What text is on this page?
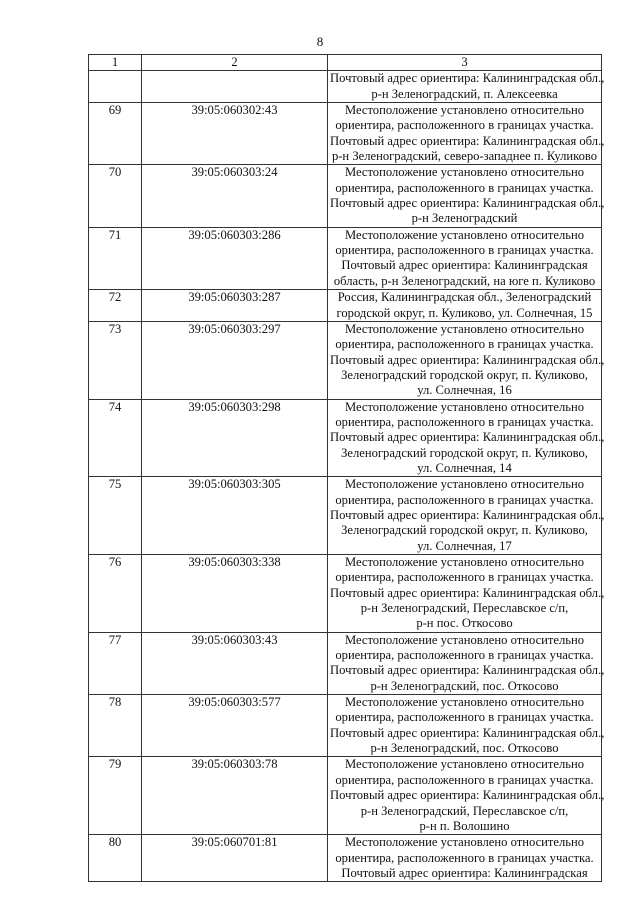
8
1	2	3

		Почтовый адрес ориентира: Калининградская обл.,
р-н Зеленоградский, п. Алексеевка

69	39:05:060302:43	Местоположение установлено относительно
ориентира, расположенного в границах участка.
Почтовый адрес ориентира: Калининградская обл.,
р-н Зеленоградский, северо-западнее п. Куликово

70	39:05:060303:24	Местоположение установлено относительно
ориентира, расположенного в границах участка.
Почтовый адрес ориентира: Калининградская обл.,
р-н Зеленоградский

71	39:05:060303:286	Местоположение установлено относительно
ориентира, расположенного в границах участка.
Почтовый адрес ориентира: Калининградская
область, р-н Зеленоградский, на юге п. Куликово

72	39:05:060303:287	Россия, Калининградская обл., Зеленоградский
городской округ, п. Куликово, ул. Солнечная, 15

73	39:05:060303:297	Местоположение установлено относительно
ориентира, расположенного в границах участка.
Почтовый адрес ориентира: Калининградская обл.,
Зеленоградский городской округ, п. Куликово,
ул. Солнечная, 16

74	39:05:060303:298	Местоположение установлено относительно
ориентира, расположенного в границах участка.
Почтовый адрес ориентира: Калининградская обл.,
Зеленоградский городской округ, п. Куликово,
ул. Солнечная, 14

75	39:05:060303:305	Местоположение установлено относительно
ориентира, расположенного в границах участка.
Почтовый адрес ориентира: Калининградская обл.,
Зеленоградский городской округ, п. Куликово,
ул. Солнечная, 17

76	39:05:060303:338	Местоположение установлено относительно
ориентира, расположенного в границах участка.
Почтовый адрес ориентира: Калининградская обл.,
р-н Зеленоградский, Переславское с/п,
р-н пос. Откосово

77	39:05:060303:43	Местоположение установлено относительно
ориентира, расположенного в границах участка.
Почтовый адрес ориентира: Калининградская обл.,
р-н Зеленоградский, пос. Откосово

78	39:05:060303:577	Местоположение установлено относительно
ориентира, расположенного в границах участка.
Почтовый адрес ориентира: Калининградская обл.,
р-н Зеленоградский, пос. Откосово

79	39:05:060303:78	Местоположение установлено относительно
ориентира, расположенного в границах участка.
Почтовый адрес ориентира: Калининградская обл.,
р-н Зеленоградский, Переславское с/п,
р-н п. Волошино

80	39:05:060701:81	Местоположение установлено относительно
ориентира, расположенного в границах участка.
Почтовый адрес ориентира: Калининградская
